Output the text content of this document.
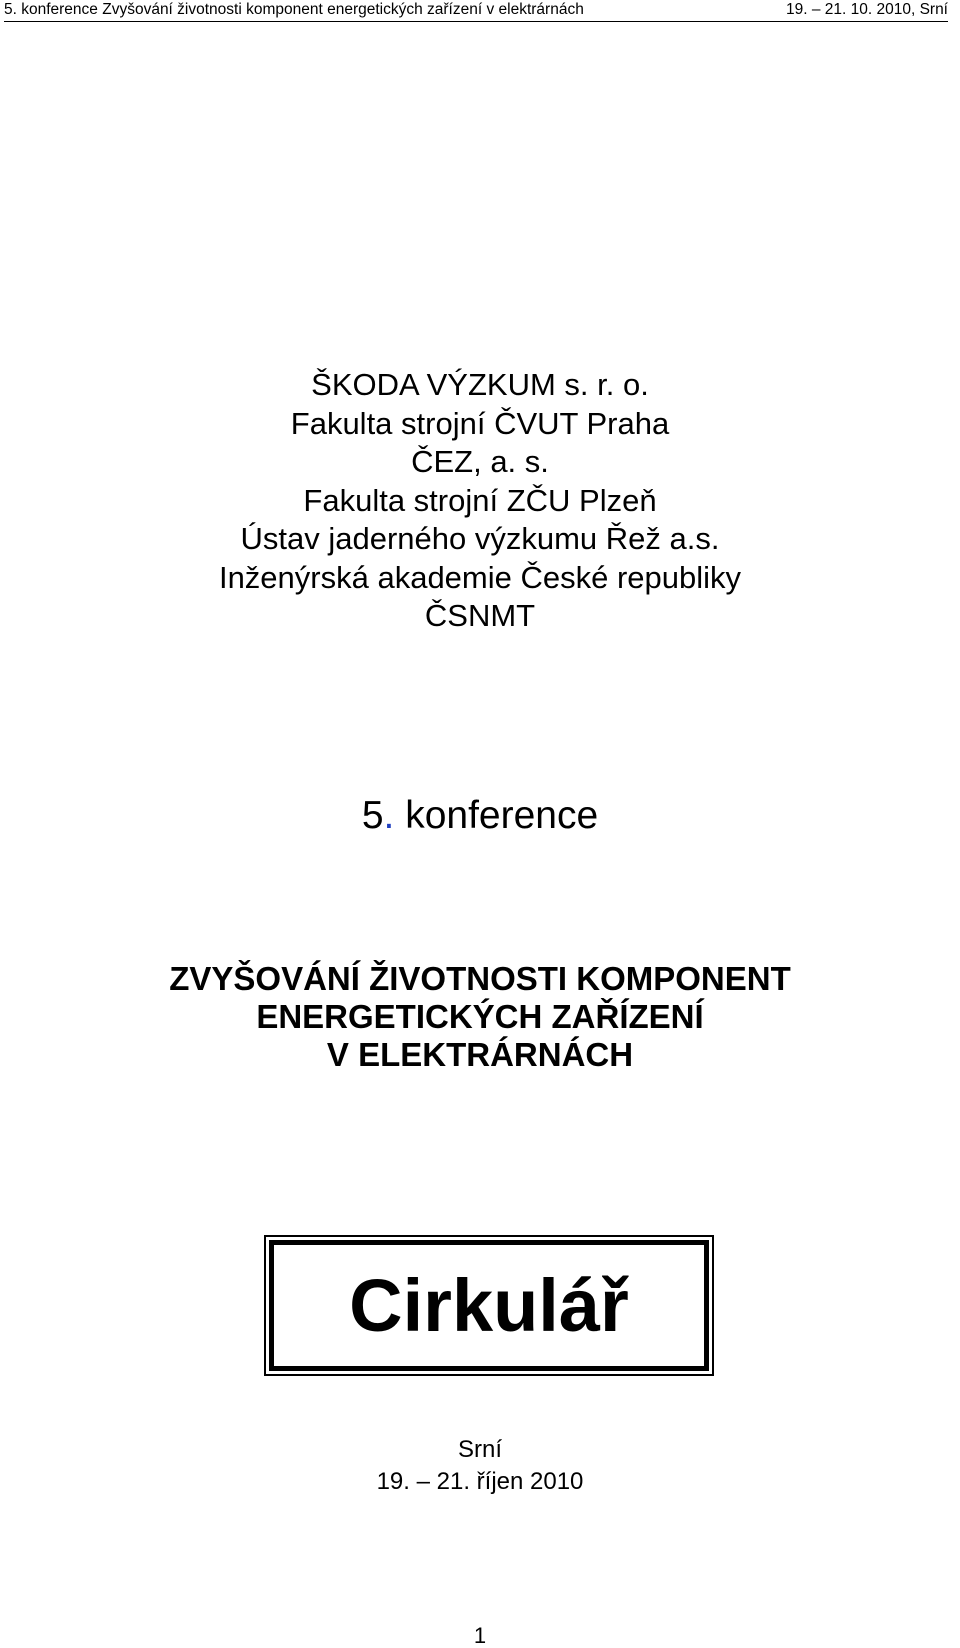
5. konference Zvyšování životnosti komponent energetických zařízení v elektrárnách	19. – 21. 10. 2010, Srní
ŠKODA VÝZKUM s. r. o.
Fakulta strojní ČVUT Praha
ČEZ, a. s.
Fakulta strojní ZČU Plzeň
Ústav jaderného výzkumu Řež a.s.
Inženýrská akademie České republiky
ČSNMT
5. konference
ZVYŠOVÁNÍ ŽIVOTNOSTI KOMPONENT
ENERGETICKÝCH ZAŘÍZENÍ
V ELEKTRÁRNÁCH
Cirkulář
Srní
19. – 21. říjen 2010
1
